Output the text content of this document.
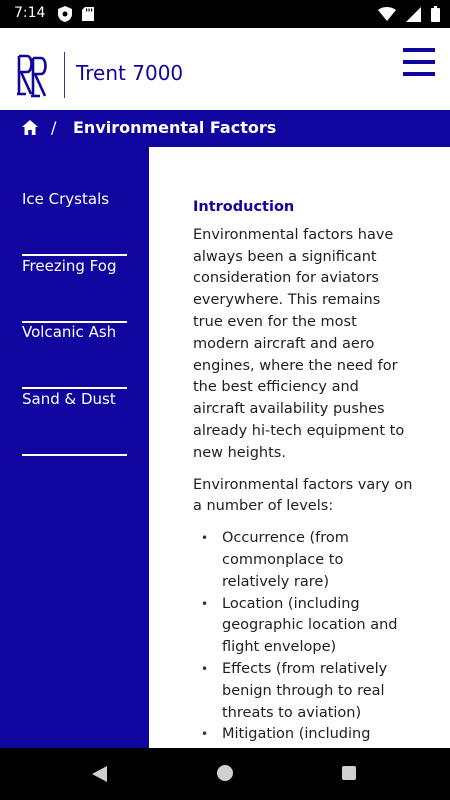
7:14
Trent 7000
/ Environmental Factors
Ice Crystals
Freezing Fog
Volcanic Ash
Sand & Dust
Introduction

Environmental factors have always been a significant consideration for aviators everywhere. This remains true even for the most modern aircraft and aero engines, where the need for the best efficiency and aircraft availability pushes already hi-tech equipment to new heights.

Environmental factors vary on a number of levels:

• Occurrence (from commonplace to relatively rare)
• Location (including geographic location and flight envelope)
• Effects (from relatively benign through to real threats to aviation)
• Mitigation (including
